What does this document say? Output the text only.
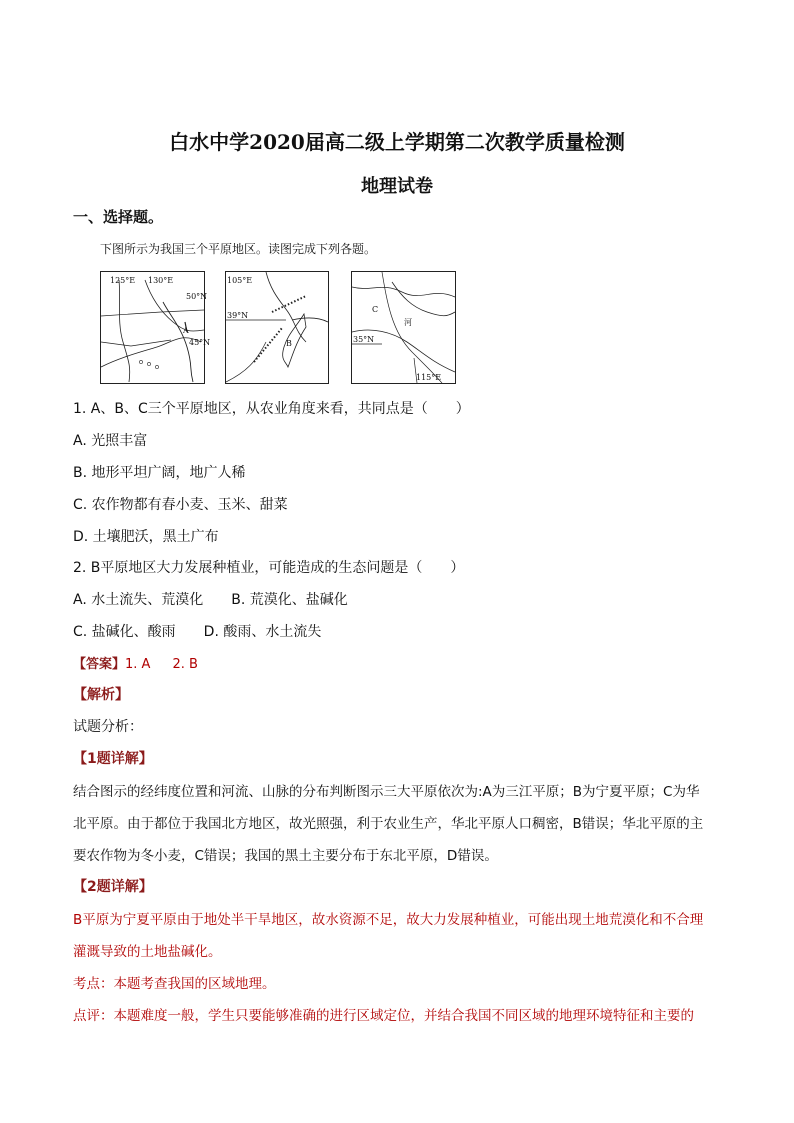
白水中学2020届高二级上学期第二次教学质量检测
地理试卷
一、选择题。
下图所示为我国三个平原地区。读图完成下列各题。
125°E 130°E
50°N
A
45°N
105°E
39°N
B
C
河
35°N
115°E
1. A、B、C三个平原地区，从农业角度来看，共同点是（　　）
A. 光照丰富
B. 地形平坦广阔，地广人稀
C. 农作物都有春小麦、玉米、甜菜
D. 土壤肥沃，黑土广布
2. B平原地区大力发展种植业，可能造成的生态问题是（　　）
A. 水土流失、荒漠化　　B. 荒漠化、盐碱化
C. 盐碱化、酸雨　　D. 酸雨、水土流失
【答案】1. A 2. B
【解析】
试题分析：
【1题详解】
结合图示的经纬度位置和河流、山脉的分布判断图示三大平原依次为:A为三江平原；B为宁夏平原；C为华
北平原。由于都位于我国北方地区，故光照强，利于农业生产，华北平原人口稠密，B错误；华北平原的主
要农作物为冬小麦，C错误；我国的黑土主要分布于东北平原，D错误。
【2题详解】
B平原为宁夏平原由于地处半干旱地区，故水资源不足，故大力发展种植业，可能出现土地荒漠化和不合理
灌溉导致的土地盐碱化。
考点：本题考查我国的区域地理。
点评：本题难度一般，学生只要能够准确的进行区域定位，并结合我国不同区域的地理环境特征和主要的
